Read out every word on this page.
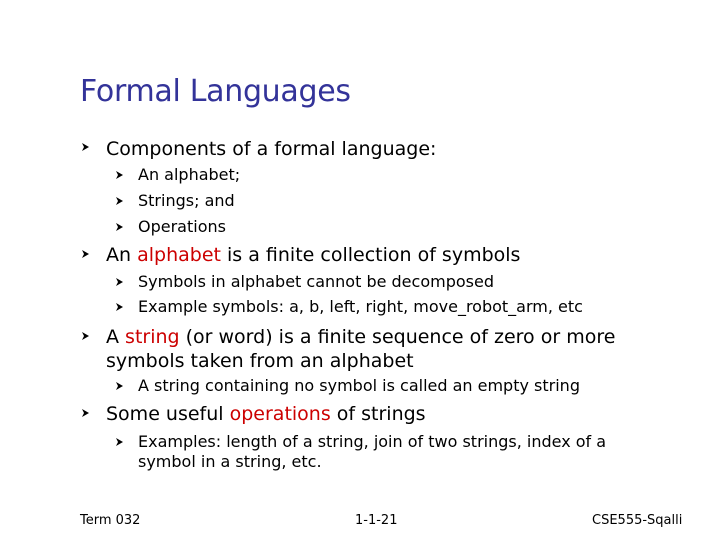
Formal Languages
Components of a formal language:
An alphabet;
Strings; and
Operations
An alphabet is a finite collection of symbols
Symbols in alphabet cannot be decomposed
Example symbols: a, b, left, right, move_robot_arm, etc
A string (or word) is a finite sequence of zero or more symbols taken from an alphabet
A string containing no symbol is called an empty string
Some useful operations of strings
Examples: length of a string, join of two strings, index of a symbol in a string, etc.
Term 032	1-1-21	CSE555-Sqalli
